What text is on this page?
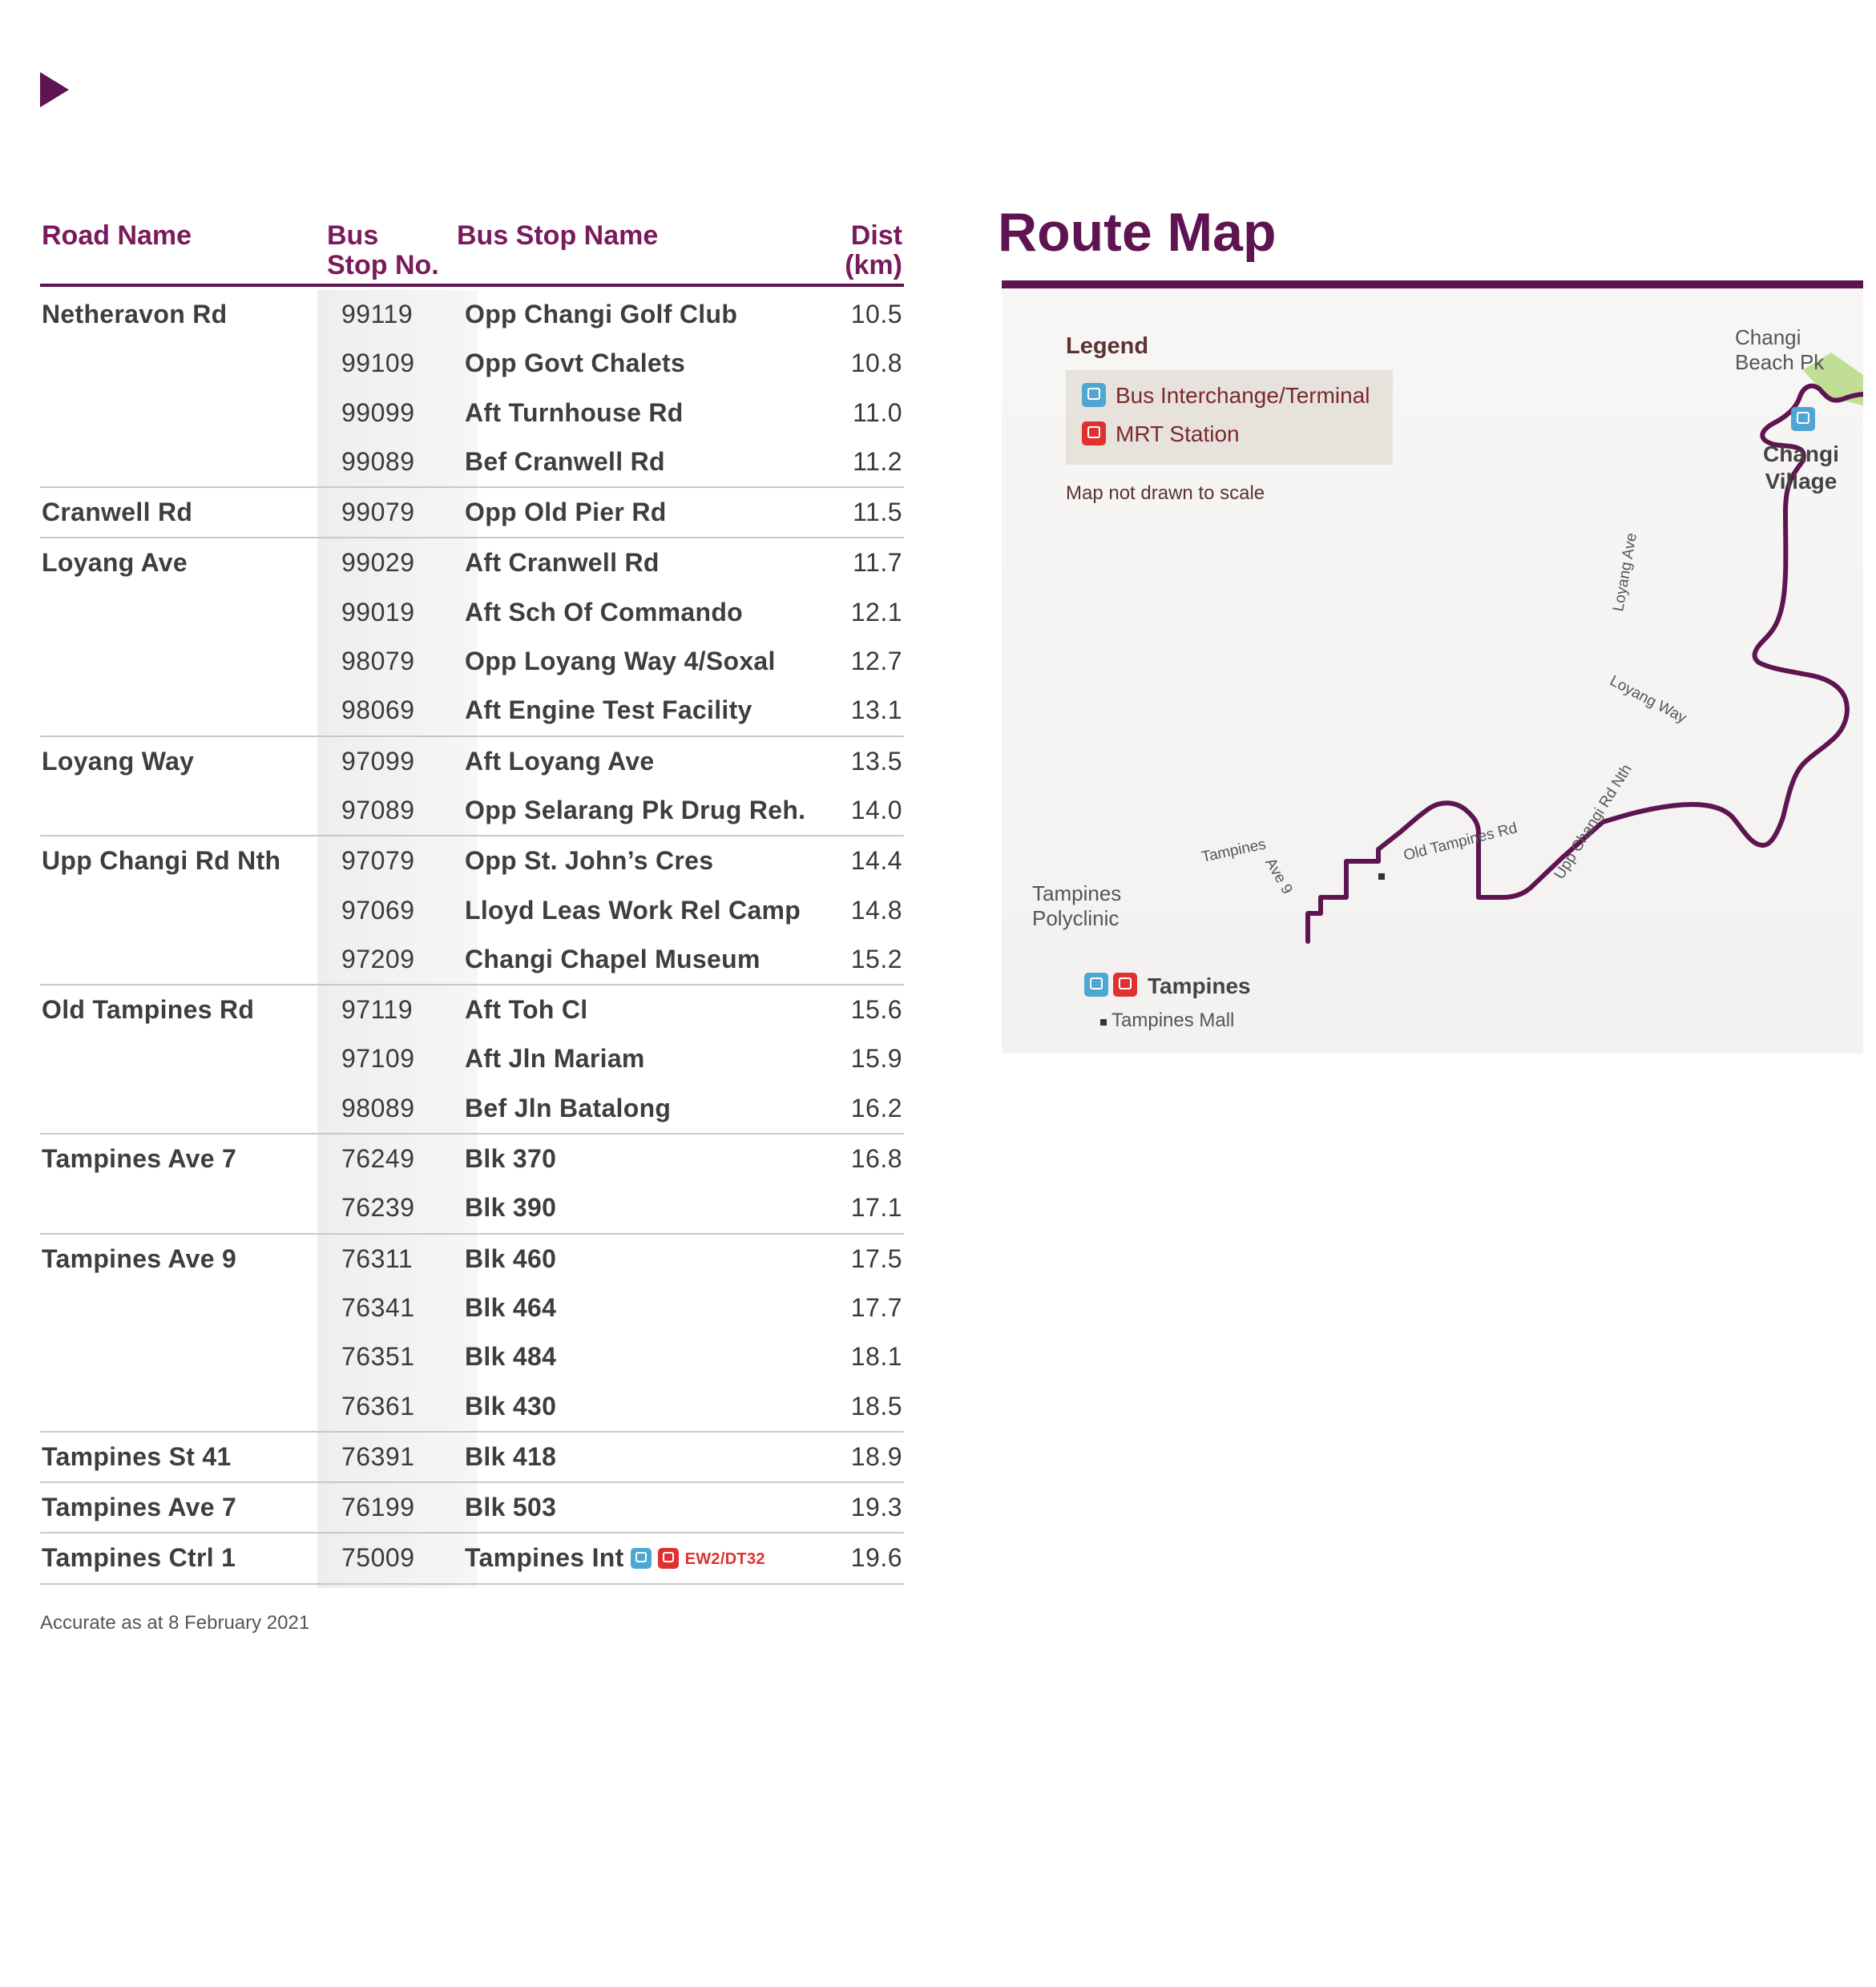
Road Name	Bus
Stop No.
Bus Stop Name	Dist
(km)
Netheravon Rd	99119 Opp Changi Golf Club	10.5
99109 Opp Govt Chalets	10.8
99099 Aft Turnhouse Rd	11.0
99089 Bef Cranwell Rd	11.2
Cranwell Rd	99079 Opp Old Pier Rd	11.5
Loyang Ave	99029 Aft Cranwell Rd	11.7
99019 Aft Sch Of Commando	12.1
98079 Opp Loyang Way 4/Soxal	12.7
98069 Aft Engine Test Facility	13.1
Loyang Way	97099 Aft Loyang Ave	13.5
97089 Opp Selarang Pk Drug Reh. 14.0
Upp Changi Rd Nth 97079 Opp St. John’s Cres	14.4
97069 Lloyd Leas Work Rel Camp 14.8
97209 Changi Chapel Museum	15.2
Old Tampines Rd	97119 Aft Toh Cl	15.6
97109 Aft Jln Mariam	15.9
98089 Bef Jln Batalong	16.2
Tampines Ave 7	76249 Blk 370	16.8
76239 Blk 390	17.1
Tampines Ave 9	76311 Blk 460	17.5
76341 Blk 464	17.7
76351 Blk 484	18.1
76361 Blk 430	18.5
Tampines St 41	76391 Blk 418	18.9
Tampines Ave 7	76199 Blk 503	19.3
Tampines Ctrl 1	75009 Tampines Int	EW2/DT32	19.6
Accurate as at 8 February 2021
Route Map
Legend
Bus Interchange/Terminal
MRT Station
Map not drawn to scale
Changi
Beach Pk
Changi
Village
Tampines
Polyclinic
Tampines
Tampines Mall
Loyang Ave
Loyang Way
Upp Changi Rd Nth
Old Tampines Rd
Tampines
Ave 9
